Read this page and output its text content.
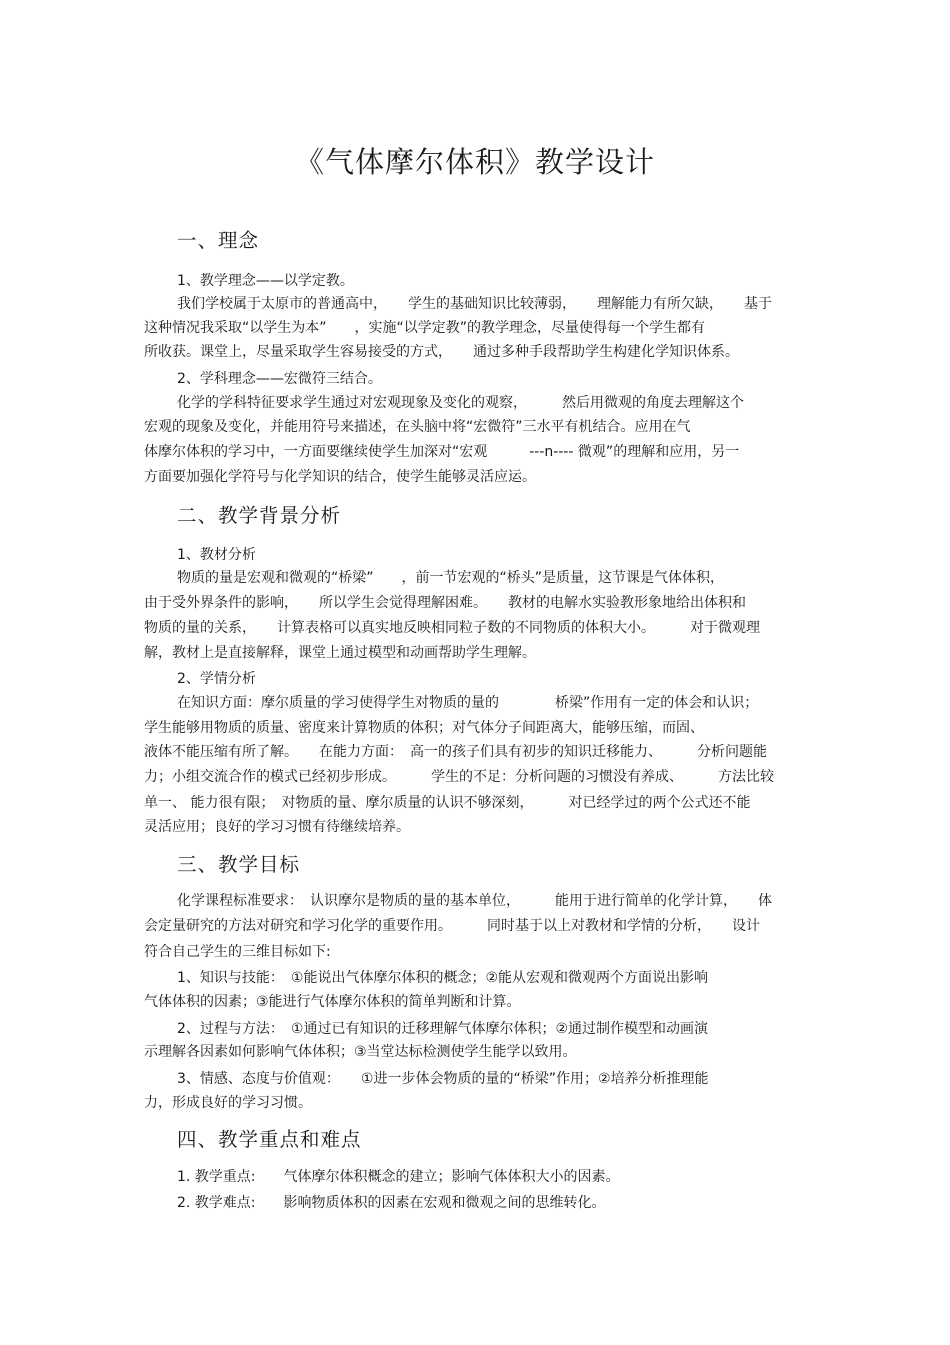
《气体摩尔体积》教学设计
一、理念

1、教学理念——以学定教。

我们学校属于太原市的普通高中，　　学生的基础知识比较薄弱，　　理解能力有所欠缺，　　基于

这种情况我采取“以学生为本”　　，实施“以学定教”的教学理念，尽量使得每一个学生都有

所收获。课堂上，尽量采取学生容易接受的方式，　　通过多种手段帮助学生构建化学知识体系。

2、学科理念——宏微符三结合。

化学的学科特征要求学生通过对宏观现象及变化的观察，　　　然后用微观的角度去理解这个

宏观的现象及变化，并能用符号来描述，在头脑中将“宏微符”三水平有机结合。应用在气

体摩尔体积的学习中，一方面要继续使学生加深对“宏观　　　---n---- 微观”的理解和应用，另一

方面要加强化学符号与化学知识的结合，使学生能够灵活应运。

二、教学背景分析

1、教材分析

物质的量是宏观和微观的“桥梁”　　，前一节宏观的“桥头”是质量，这节课是气体体积，

由于受外界条件的影响，　　所以学生会觉得理解困难。　　教材的电解水实验教形象地给出体积和

物质的量的关系，　　计算表格可以真实地反映相同粒子数的不同物质的体积大小。　　　对于微观理

解，教材上是直接解释，课堂上通过模型和动画帮助学生理解。

2、学情分析

在知识方面：摩尔质量的学习使得学生对物质的量的　　　　桥梁”作用有一定的体会和认识；

学生能够用物质的质量、密度来计算物质的体积；对气体分子间距离大，能够压缩，而固、

液体不能压缩有所了解。　　在能力方面：　高一的孩子们具有初步的知识迁移能力、　　　分析问题能

力；小组交流合作的模式已经初步形成。　　　学生的不足：分析问题的习惯没有养成、　　　方法比较

单一、 能力很有限；　对物质的量、摩尔质量的认识不够深刻，　　　对已经学过的两个公式还不能

灵活应用；良好的学习习惯有待继续培养。

三、教学目标

化学课程标准要求：　认识摩尔是物质的量的基本单位，　　　能用于进行简单的化学计算，　　体

会定量研究的方法对研究和学习化学的重要作用。　　　同时基于以上对教材和学情的分析，　　设计

符合自己学生的三维目标如下:

1、知识与技能：　①能说出气体摩尔体积的概念；②能从宏观和微观两个方面说出影响

气体体积的因素；③能进行气体摩尔体积的简单判断和计算。

2、过程与方法：　①通过已有知识的迁移理解气体摩尔体积；②通过制作模型和动画演

示理解各因素如何影响气体体积；③当堂达标检测使学生能学以致用。

3、情感、态度与价值观：　　①进一步体会物质的量的“桥梁”作用；②培养分析推理能

力，形成良好的学习习惯。

四、教学重点和难点

1. 教学重点:　　气体摩尔体积概念的建立；影响气体体积大小的因素。

2. 教学难点:　　影响物质体积的因素在宏观和微观之间的思维转化。
